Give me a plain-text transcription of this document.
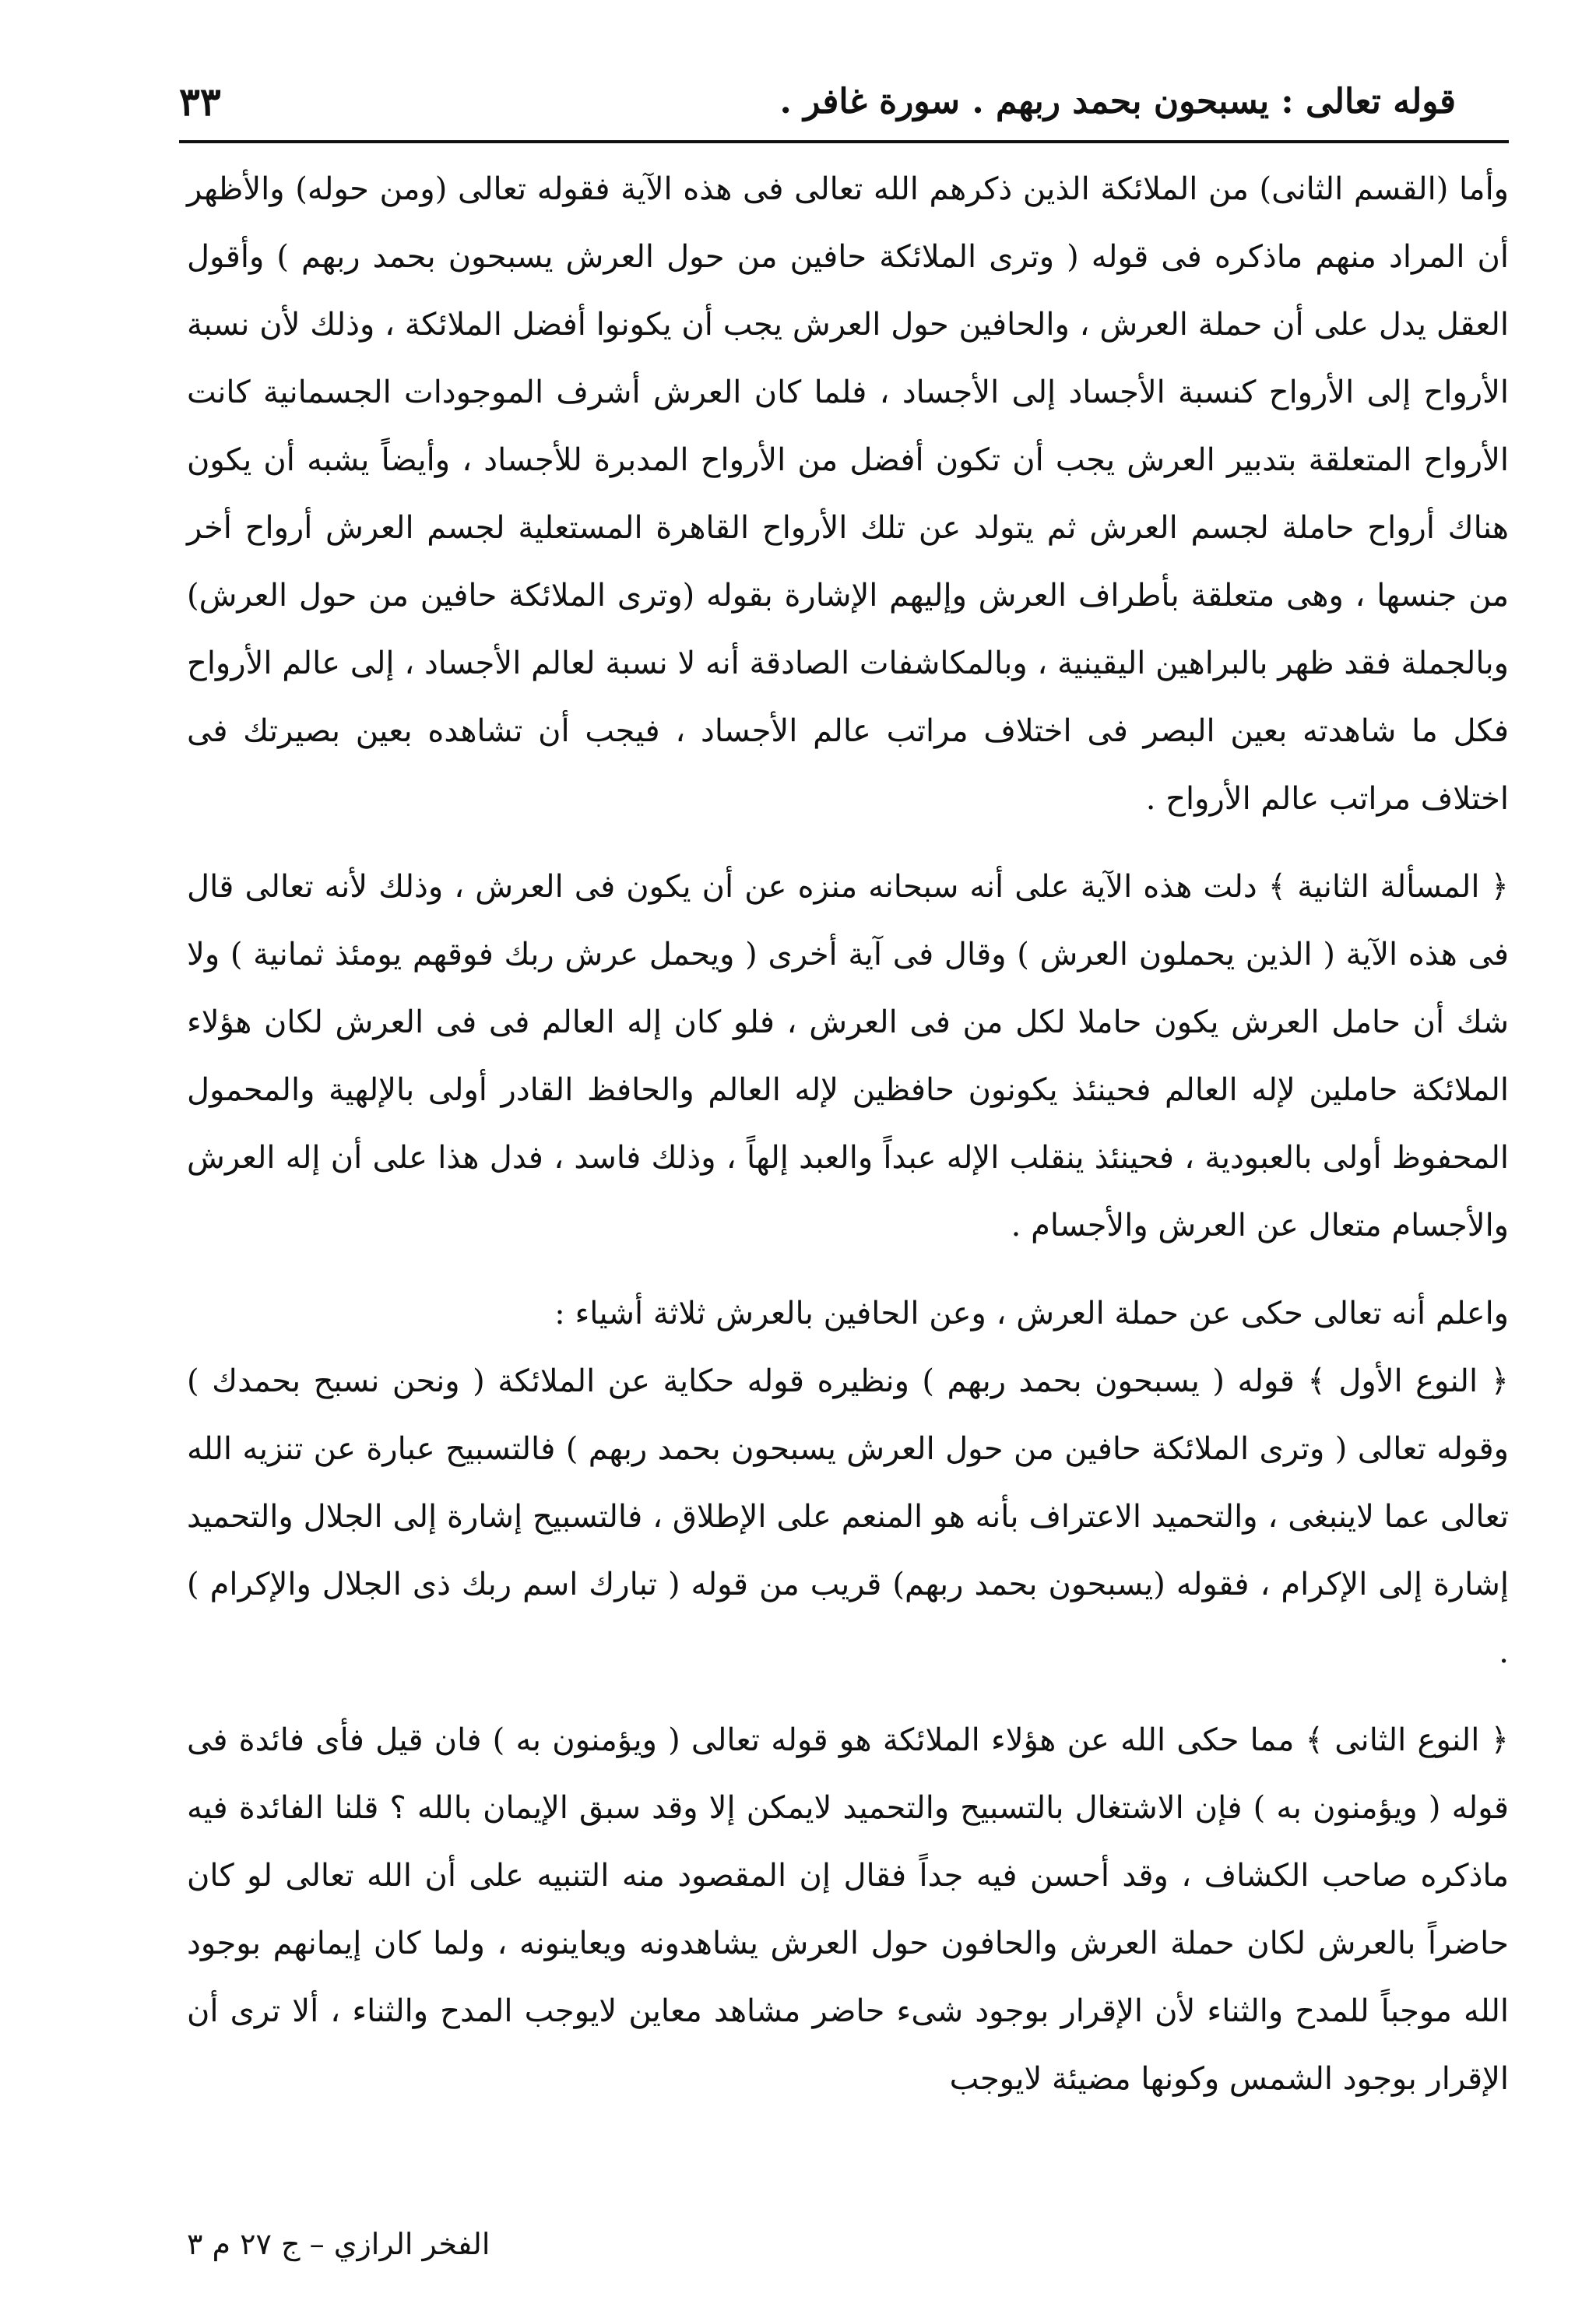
قوله تعالى : يسبحون بحمد ربهم . سورة غافر .
٣٣

وأما (القسم الثانى) من الملائكة الذين ذكرهم الله تعالى فى هذه الآية فقوله تعالى (ومن حوله) والأظهر أن المراد منهم ماذكره فى قوله ( وترى الملائكة حافين من حول العرش يسبحون بحمد ربهم ) وأقول العقل يدل على أن حملة العرش ، والحافين حول العرش يجب أن يكونوا أفضل الملائكة ، وذلك لأن نسبة الأرواح إلى الأرواح كنسبة الأجساد إلى الأجساد ، فلما كان العرش أشرف الموجودات الجسمانية كانت الأرواح المتعلقة بتدبير العرش يجب أن تكون أفضل من الأرواح المدبرة للأجساد ، وأيضاً يشبه أن يكون هناك أرواح حاملة لجسم العرش ثم يتولد عن تلك الأرواح القاهرة المستعلية لجسم العرش أرواح أخر من جنسها ، وهى متعلقة بأطراف العرش وإليهم الإشارة بقوله (وترى الملائكة حافين من حول العرش) وبالجملة فقد ظهر بالبراهين اليقينية ، وبالمكاشفات الصادقة أنه لا نسبة لعالم الأجساد ، إلى عالم الأرواح فكل ما شاهدته بعين البصر فى اختلاف مراتب عالم الأجساد ، فيجب أن تشاهده بعين بصيرتك فى اختلاف مراتب عالم الأرواح .

﴿ المسألة الثانية ﴾ دلت هذه الآية على أنه سبحانه منزه عن أن يكون فى العرش ، وذلك لأنه تعالى قال فى هذه الآية ( الذين يحملون العرش ) وقال فى آية أخرى ( ويحمل عرش ربك فوقهم يومئذ ثمانية ) ولا شك أن حامل العرش يكون حاملا لكل من فى العرش ، فلو كان إله العالم فى فى العرش لكان هؤلاء الملائكة حاملين لإله العالم فحينئذ يكونون حافظين لإله العالم والحافظ القادر أولى بالإلهية والمحمول المحفوظ أولى بالعبودية ، فحينئذ ينقلب الإله عبداً والعبد إلهاً ، وذلك فاسد ، فدل هذا على أن إله العرش والأجسام متعال عن العرش والأجسام .

واعلم أنه تعالى حكى عن حملة العرش ، وعن الحافين بالعرش ثلاثة أشياء :

﴿ النوع الأول ﴾ قوله ( يسبحون بحمد ربهم ) ونظيره قوله حكاية عن الملائكة ( ونحن نسبح بحمدك ) وقوله تعالى ( وترى الملائكة حافين من حول العرش يسبحون بحمد ربهم ) فالتسبيح عبارة عن تنزيه الله تعالى عما لاينبغى ، والتحميد الاعتراف بأنه هو المنعم على الإطلاق ، فالتسبيح إشارة إلى الجلال والتحميد إشارة إلى الإكرام ، فقوله (يسبحون بحمد ربهم) قريب من قوله ( تبارك اسم ربك ذى الجلال والإكرام ) .

﴿ النوع الثانى ﴾ مما حكى الله عن هؤلاء الملائكة هو قوله تعالى ( ويؤمنون به ) فان قيل فأى فائدة فى قوله ( ويؤمنون به ) فإن الاشتغال بالتسبيح والتحميد لايمكن إلا وقد سبق الإيمان بالله ؟ قلنا الفائدة فيه ماذكره صاحب الكشاف ، وقد أحسن فيه جداً فقال إن المقصود منه التنبيه على أن الله تعالى لو كان حاضراً بالعرش لكان حملة العرش والحافون حول العرش يشاهدونه ويعاينونه ، ولما كان إيمانهم بوجود الله موجباً للمدح والثناء لأن الإقرار بوجود شىء حاضر مشاهد معاين لايوجب المدح والثناء ، ألا ترى أن الإقرار بوجود الشمس وكونها مضيئة لايوجب

الفخر الرازي – ج ٢٧ م ٣
